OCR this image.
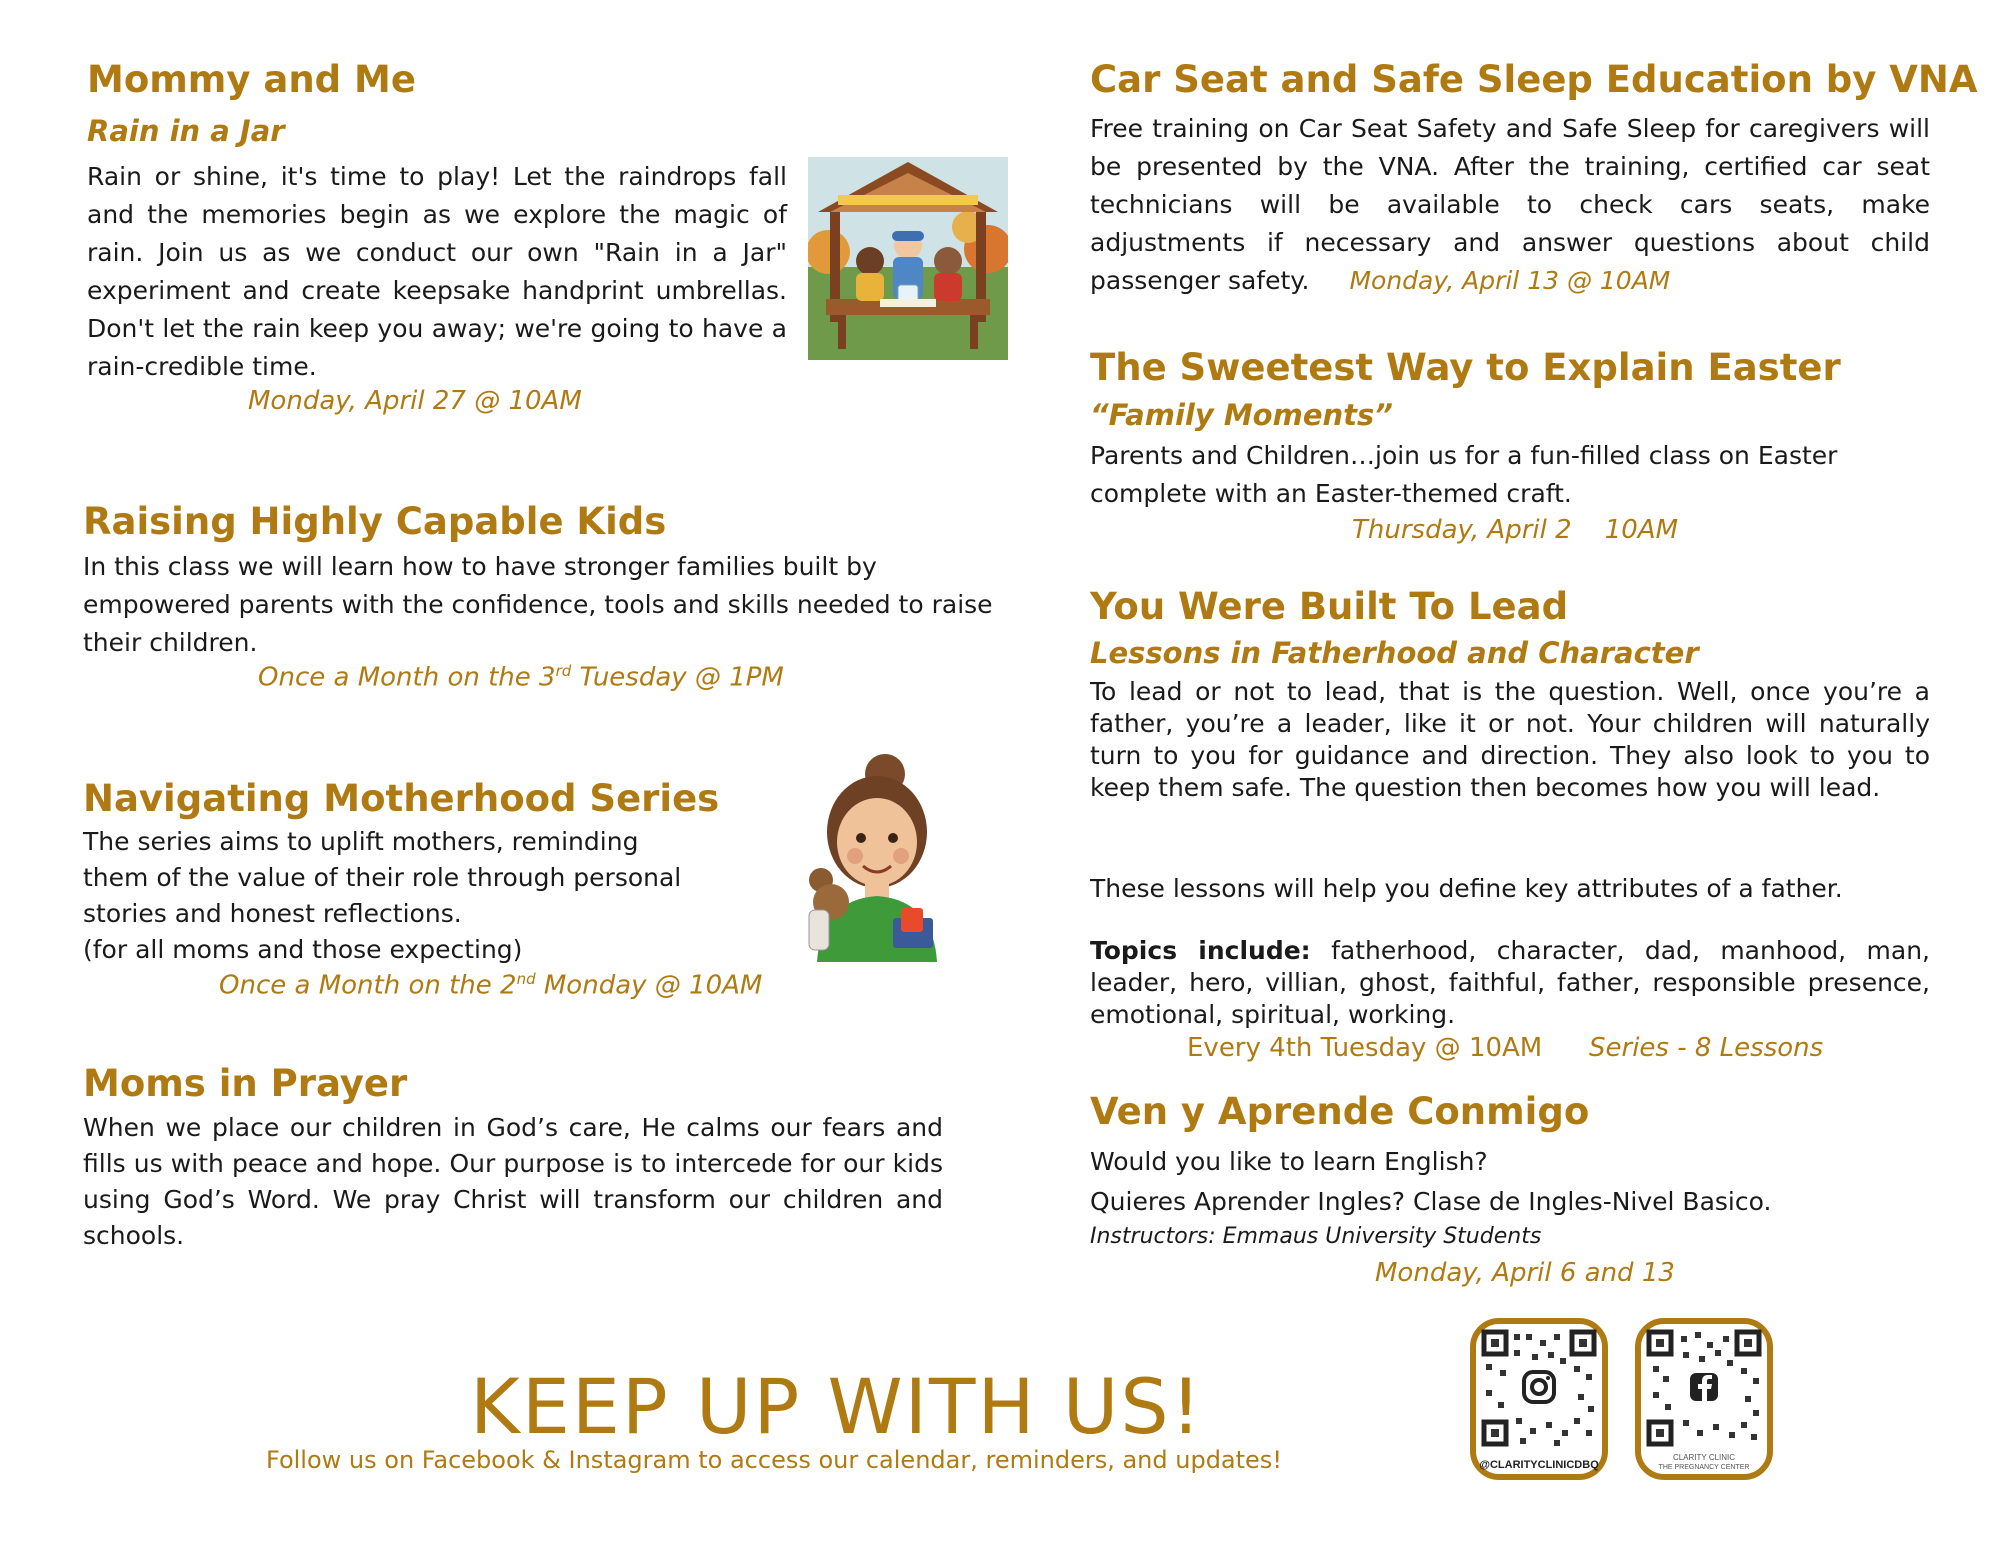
Mommy and Me
Rain in a Jar

Rain or shine, it's time to play! Let the raindrops fall and the memories begin as we explore the magic of rain. Join us as we conduct our own "Rain in a Jar" experiment and create keepsake handprint umbrellas. Don't let the rain keep you away; we're going to have a rain-credible time.

Monday, April 27 @ 10AM

Raising Highly Capable Kids

In this class we will learn how to have stronger families built by empowered parents with the confidence, tools and skills needed to raise their children.

Once a Month on the 3rd Tuesday @ 1PM

Navigating Motherhood Series

The series aims to uplift mothers, reminding them of the value of their role through personal stories and honest reflections.

(for all moms and those expecting)

Once a Month on the 2nd Monday @ 10AM

Moms in Prayer

When we place our children in God’s care, He calms our fears and fills us with peace and hope. Our purpose is to intercede for our kids using God’s Word. We pray Christ will transform our children and schools.

Car Seat and Safe Sleep Education by VNA

Free training on Car Seat Safety and Safe Sleep for caregivers will be presented by the VNA. After the training, certified car seat technicians will be available to check cars seats, make adjustments if necessary and answer questions about child passenger safety. Monday, April 13 @ 10AM

The Sweetest Way to Explain Easter
“Family Moments”

Parents and Children…join us for a fun-filled class on Easter complete with an Easter-themed craft.

Thursday, April 2    10AM

You Were Built To Lead
Lessons in Fatherhood and Character

To lead or not to lead, that is the question. Well, once you’re a father, you’re a leader, like it or not. Your children will naturally turn to you for guidance and direction. They also look to you to keep them safe. The question then becomes how you will lead.

These lessons will help you define key attributes of a father.

Topics include: fatherhood, character, dad, manhood, man, leader, hero, villian, ghost, faithful, father, responsible presence, emotional, spiritual, working.

Every 4th Tuesday @ 10AM Series - 8 Lessons

Ven y Aprende Conmigo

Would you like to learn English?

Quieres Aprender Ingles? Clase de Ingles-Nivel Basico.

Instructors: Emmaus University Students

Monday, April 6 and 13

KEEP UP WITH US!

Follow us on Facebook & Instagram to access our calendar, reminders, and updates!	@CLARITYCLINICDBQ
CLARITY CLINIC
THE PREGNANCY CENTER
